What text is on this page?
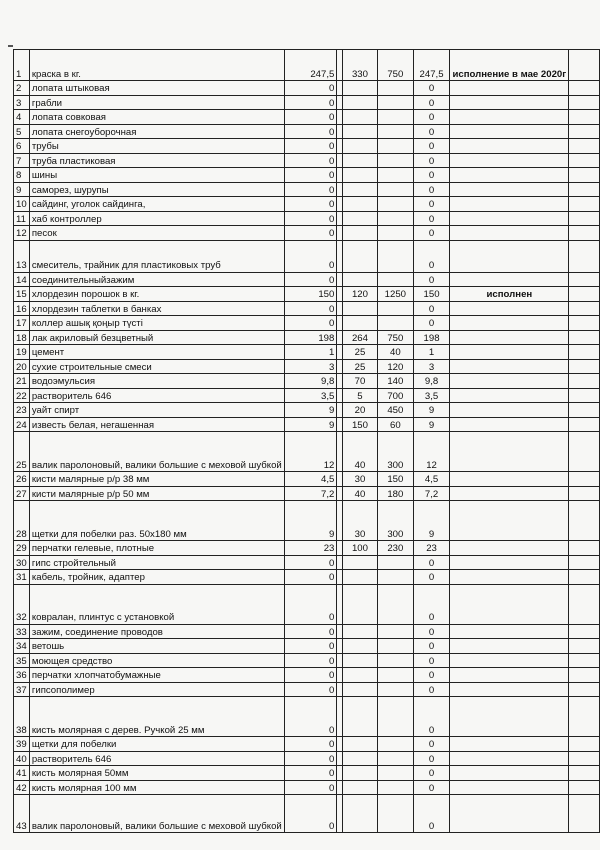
1	краска в кг.	247,5		330	750	247,5	исполнение в мае 2020г	
2	лопата штыковая	0				0		
3	грабли	0				0		
4	лопата совковая	0				0		
5	лопата снегоуборочная	0				0		
6	трубы	0				0		
7	труба пластиковая	0				0		
8	шины	0				0		
9	саморез, шурупы	0				0		
10	сайдинг, уголок сайдинга,	0				0		
11	хаб контроллер	0				0		
12	песок	0				0		
13	смеситель, трайник для пластиковых труб	0				0		
14	соединительныйзажим	0				0		
15	хлордезин порошок в кг.	150		120	1250	150	исполнен	
16	хлордезин таблетки в банках	0				0		
17	коллер ашық қоңыр түсті	0				0		
18	лак акриловый безцветный	198		264	750	198		
19	цемент	1		25	40	1		
20	сухие строительные смеси	3		25	120	3		
21	водоэмульсия	9,8		70	140	9,8		
22	растворитель 646	3,5		5	700	3,5		
23	уайт спирт	9		20	450	9		
24	известь белая, негашенная	9		150	60	9		
25	валик паролоновый, валики большие с меховой шубкой	12		40	300	12		
26	кисти малярные р/р 38 мм	4,5		30	150	4,5		
27	кисти малярные р/р 50 мм	7,2		40	180	7,2		
28	щетки для побелки раз. 50х180 мм	9		30	300	9		
29	перчатки гелевые, плотные	23		100	230	23		
30	гипс стройтельный	0				0		
31	кабель, тройник, адаптер	0				0		
32	ковралан, плинтус с установкой	0				0		
33	зажим, соединение проводов	0				0		
34	ветошь	0				0		
35	моющея средство	0				0		
36	перчатки хлопчатобумажные	0				0		
37	гипсополимер	0				0		
38	кисть молярная с дерев. Ручкой 25 мм	0				0		
39	щетки для побелки	0				0		
40	растворитель 646	0				0		
41	кисть молярная 50мм	0				0		
42	кисть молярная 100 мм	0				0		
43	валик паролоновый, валики большие с меховой шубкой	0				0		
